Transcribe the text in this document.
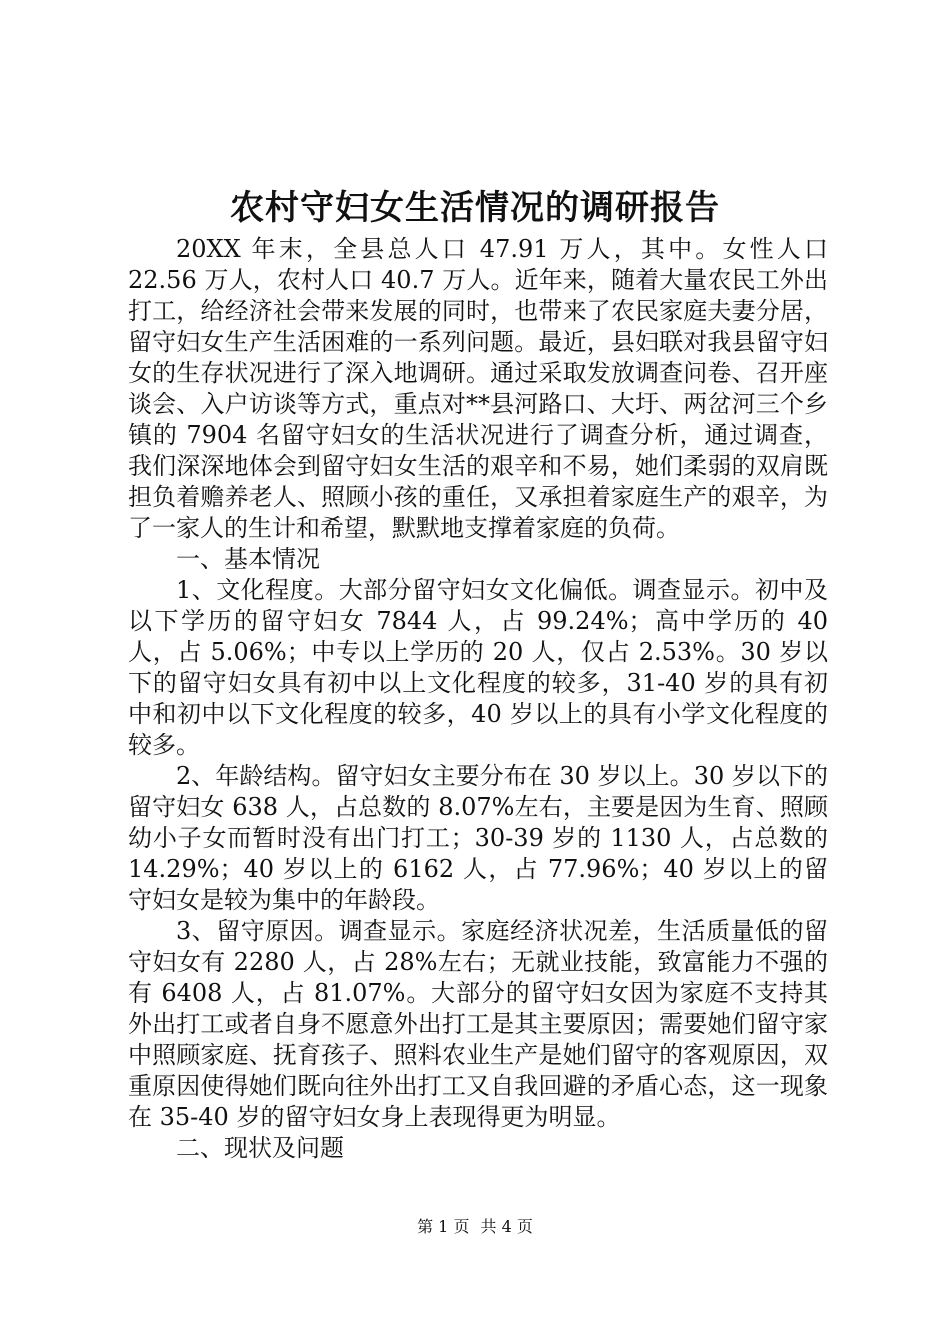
农村守妇女生活情况的调研报告

20XX 年末，全县总人口 47.91 万人，其中。女性人口 22.56 万人，农村人口 40.7 万人。近年来，随着大量农民工外出打工，给经济社会带来发展的同时，也带来了农民家庭夫妻分居，留守妇女生产生活困难的一系列问题。最近，县妇联对我县留守妇女的生存状况进行了深入地调研。通过采取发放调查问卷、召开座谈会、入户访谈等方式，重点对**县河路口、大圩、两岔河三个乡镇的 7904 名留守妇女的生活状况进行了调查分析，通过调查，我们深深地体会到留守妇女生活的艰辛和不易，她们柔弱的双肩既担负着赡养老人、照顾小孩的重任，又承担着家庭生产的艰辛，为了一家人的生计和希望，默默地支撑着家庭的负荷。

一、基本情况

1、文化程度。大部分留守妇女文化偏低。调查显示。初中及以下学历的留守妇女 7844 人，占 99.24%；高中学历的 40 人，占 5.06%；中专以上学历的 20 人，仅占 2.53%。30 岁以下的留守妇女具有初中以上文化程度的较多，31-40 岁的具有初中和初中以下文化程度的较多，40 岁以上的具有小学文化程度的较多。

2、年龄结构。留守妇女主要分布在 30 岁以上。30 岁以下的留守妇女 638 人，占总数的 8.07%左右，主要是因为生育、照顾幼小子女而暂时没有出门打工；30-39 岁的 1130 人，占总数的 14.29%；40 岁以上的 6162 人，占 77.96%；40 岁以上的留守妇女是较为集中的年龄段。

3、留守原因。调查显示。家庭经济状况差，生活质量低的留守妇女有 2280 人，占 28%左右；无就业技能，致富能力不强的有 6408 人，占 81.07%。大部分的留守妇女因为家庭不支持其外出打工或者自身不愿意外出打工是其主要原因；需要她们留守家中照顾家庭、抚育孩子、照料农业生产是她们留守的客观原因，双重原因使得她们既向往外出打工又自我回避的矛盾心态，这一现象在 35-40 岁的留守妇女身上表现得更为明显。

二、现状及问题

第 1 页 共 4 页
